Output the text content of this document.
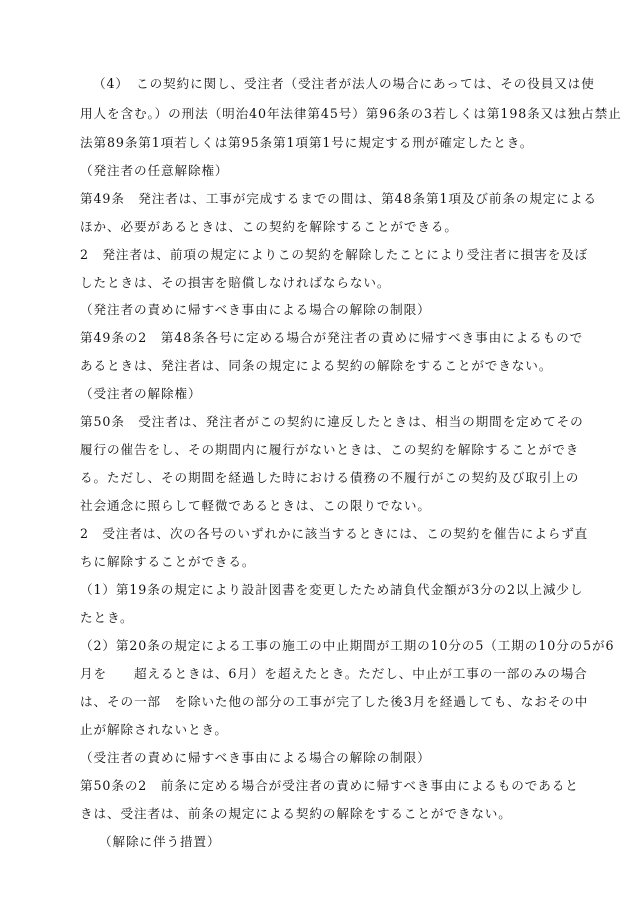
（4）　この契約に関し、受注者（受注者が法人の場合にあっては、その役員又は使
用人を含む。）の刑法（明治40年法律第45号）第96条の3若しくは第198条又は独占禁止
法第89条第1項若しくは第95条第1項第1号に規定する刑が確定したとき。
（発注者の任意解除権）
第49条　発注者は、工事が完成するまでの間は、第48条第1項及び前条の規定による
ほか、必要があるときは、この契約を解除することができる。
2　発注者は、前項の規定によりこの契約を解除したことにより受注者に損害を及ぼ
したときは、その損害を賠償しなければならない。
（発注者の責めに帰すべき事由による場合の解除の制限）
第49条の2　第48条各号に定める場合が発注者の責めに帰すべき事由によるもので
あるときは、発注者は、同条の規定による契約の解除をすることができない。
（受注者の解除権）
第50条　受注者は、発注者がこの契約に違反したときは、相当の期間を定めてその
履行の催告をし、その期間内に履行がないときは、この契約を解除することができ
る。ただし、その期間を経過した時における債務の不履行がこの契約及び取引上の
社会通念に照らして軽微であるときは、この限りでない。
2　受注者は、次の各号のいずれかに該当するときには、この契約を催告によらず直
ちに解除することができる。
（1）第19条の規定により設計図書を変更したため請負代金額が3分の2以上減少し
たとき。
（2）第20条の規定による工事の施工の中止期間が工期の10分の5（工期の10分の5が6
月を　　超えるときは、6月）を超えたとき。ただし、中止が工事の一部のみの場合
は、その一部　を除いた他の部分の工事が完了した後3月を経過しても、なおその中
止が解除されないとき。
（受注者の責めに帰すべき事由による場合の解除の制限）
第50条の2　前条に定める場合が受注者の責めに帰すべき事由によるものであると
きは、受注者は、前条の規定による契約の解除をすることができない。
（解除に伴う措置）
